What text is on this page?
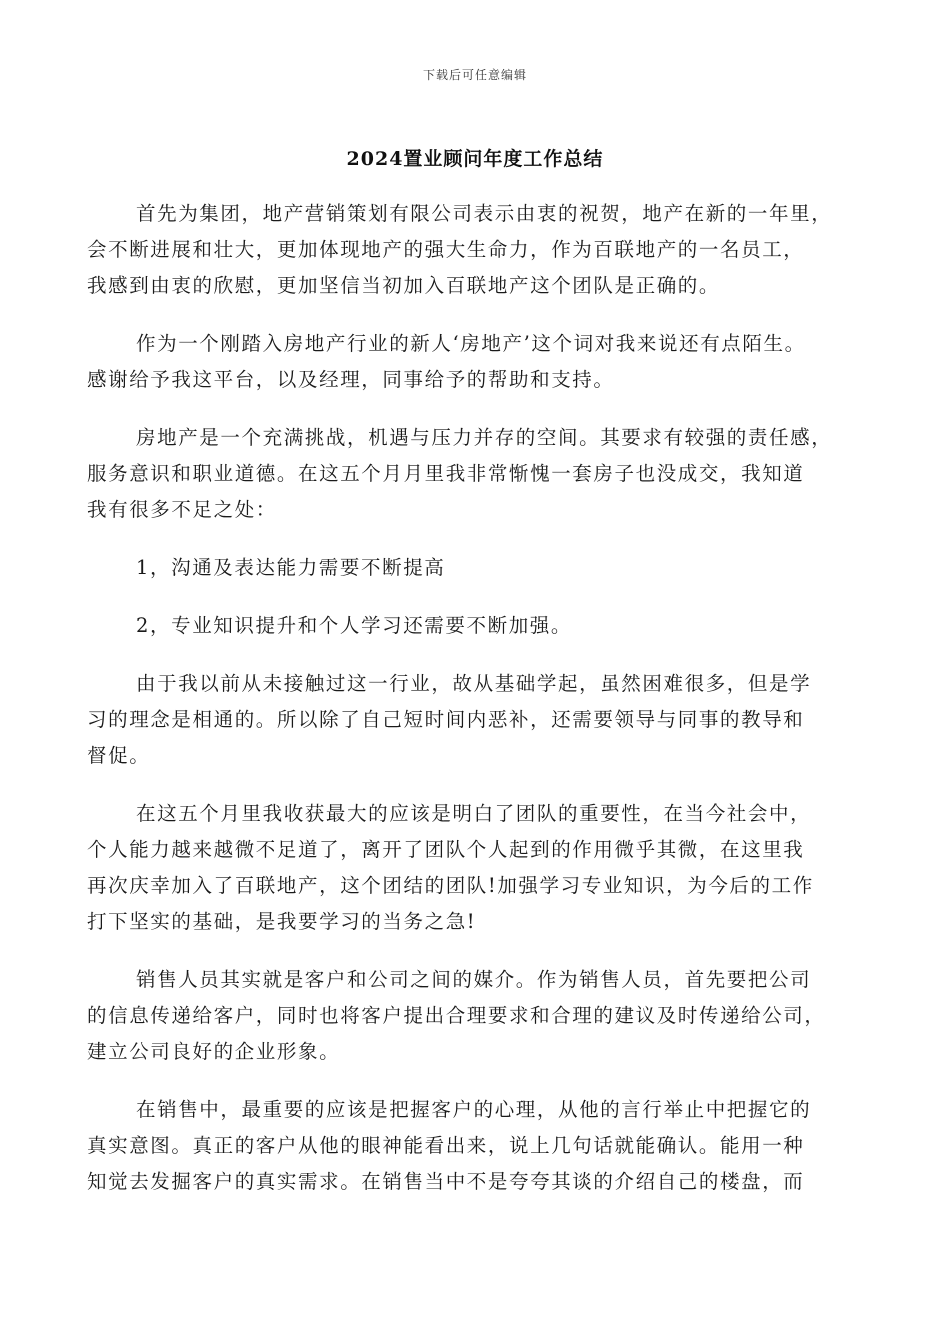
下载后可任意编辑
2024置业顾问年度工作总结

首先为集团，地产营销策划有限公司表示由衷的祝贺，地产在新的一年里，
会不断进展和壮大，更加体现地产的强大生命力，作为百联地产的一名员工，
我感到由衷的欣慰，更加坚信当初加入百联地产这个团队是正确的。

作为一个刚踏入房地产行业的新人‘房地产’这个词对我来说还有点陌生。
感谢给予我这平台，以及经理，同事给予的帮助和支持。

房地产是一个充满挑战，机遇与压力并存的空间。其要求有较强的责任感，
服务意识和职业道德。在这五个月月里我非常惭愧一套房子也没成交，我知道
我有很多不足之处：

1，沟通及表达能力需要不断提高

2，专业知识提升和个人学习还需要不断加强。

由于我以前从未接触过这一行业，故从基础学起，虽然困难很多，但是学
习的理念是相通的。所以除了自己短时间内恶补，还需要领导与同事的教导和
督促。

在这五个月里我收获最大的应该是明白了团队的重要性，在当今社会中，
个人能力越来越微不足道了，离开了团队个人起到的作用微乎其微，在这里我
再次庆幸加入了百联地产，这个团结的团队!加强学习专业知识，为今后的工作
打下坚实的基础，是我要学习的当务之急!

销售人员其实就是客户和公司之间的媒介。作为销售人员，首先要把公司
的信息传递给客户，同时也将客户提出合理要求和合理的建议及时传递给公司，
建立公司良好的企业形象。

在销售中，最重要的应该是把握客户的心理，从他的言行举止中把握它的
真实意图。真正的客户从他的眼神能看出来，说上几句话就能确认。能用一种
知觉去发掘客户的真实需求。在销售当中不是夸夸其谈的介绍自己的楼盘，而
